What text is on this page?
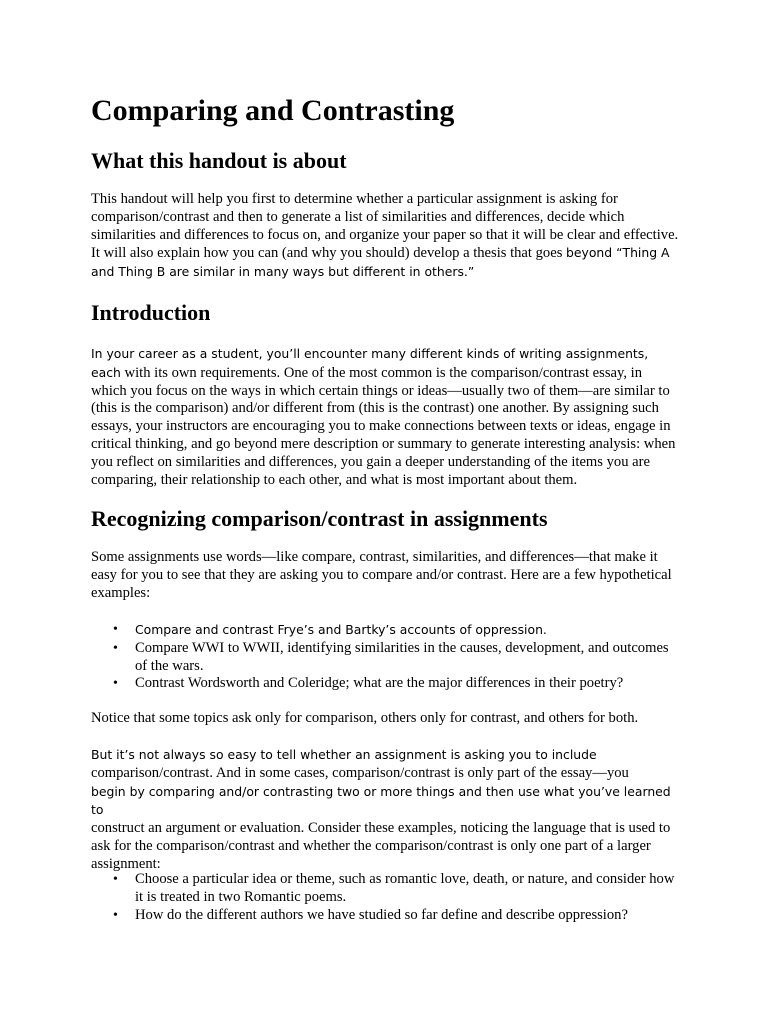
Comparing and Contrasting
What this handout is about

This handout will help you first to determine whether a particular assignment is asking for comparison/contrast and then to generate a list of similarities and differences, decide which similarities and differences to focus on, and organize your paper so that it will be clear and effective. It will also explain how you can (and why you should) develop a thesis that goes beyond “Thing A and Thing B are similar in many ways but different in others.”

Introduction

In your career as a student, you’ll encounter many different kinds of writing assignments, each with its own requirements. One of the most common is the comparison/contrast essay, in which you focus on the ways in which certain things or ideas—usually two of them—are similar to (this is the comparison) and/or different from (this is the contrast) one another. By assigning such essays, your instructors are encouraging you to make connections between texts or ideas, engage in critical thinking, and go beyond mere description or summary to generate interesting analysis: when you reflect on similarities and differences, you gain a deeper understanding of the items you are comparing, their relationship to each other, and what is most important about them.

Recognizing comparison/contrast in assignments

Some assignments use words—like compare, contrast, similarities, and differences—that make it easy for you to see that they are asking you to compare and/or contrast. Here are a few hypothetical examples:

• Compare and contrast Frye’s and Bartky’s accounts of oppression.
• Compare WWI to WWII, identifying similarities in the causes, development, and outcomes of the wars.
• Contrast Wordsworth and Coleridge; what are the major differences in their poetry?

Notice that some topics ask only for comparison, others only for contrast, and others for both.

But it’s not always so easy to tell whether an assignment is asking you to include
comparison/contrast. And in some cases, comparison/contrast is only part of the essay—you
begin by comparing and/or contrasting two or more things and then use what you’ve learned to
construct an argument or evaluation. Consider these examples, noticing the language that is used to ask for the comparison/contrast and whether the comparison/contrast is only one part of a larger assignment:

• Choose a particular idea or theme, such as romantic love, death, or nature, and consider how it is treated in two Romantic poems.
• How do the different authors we have studied so far define and describe oppression?
